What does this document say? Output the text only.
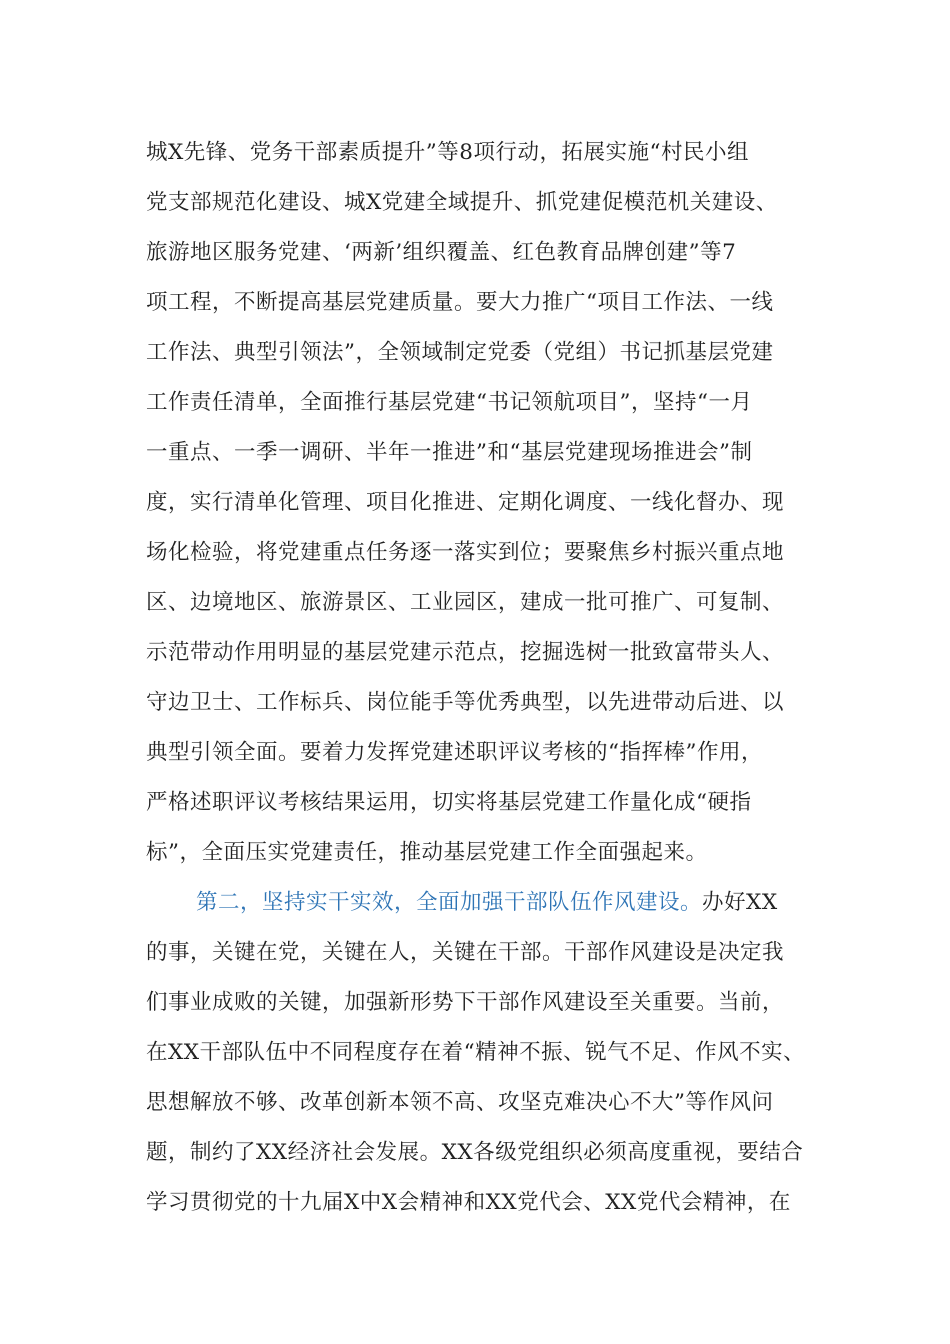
城X先锋、党务干部素质提升”等8项行动，拓展实施“村民小组
党支部规范化建设、城X党建全域提升、抓党建促模范机关建设、
旅游地区服务党建、‘两新’组织覆盖、红色教育品牌创建”等7
项工程，不断提高基层党建质量。要大力推广“项目工作法、一线
工作法、典型引领法”，全领域制定党委（党组）书记抓基层党建
工作责任清单，全面推行基层党建“书记领航项目”，坚持“一月
一重点、一季一调研、半年一推进”和“基层党建现场推进会”制
度，实行清单化管理、项目化推进、定期化调度、一线化督办、现
场化检验，将党建重点任务逐一落实到位；要聚焦乡村振兴重点地
区、边境地区、旅游景区、工业园区，建成一批可推广、可复制、
示范带动作用明显的基层党建示范点，挖掘选树一批致富带头人、
守边卫士、工作标兵、岗位能手等优秀典型，以先进带动后进、以
典型引领全面。要着力发挥党建述职评议考核的“指挥棒”作用，
严格述职评议考核结果运用，切实将基层党建工作量化成“硬指
标”，全面压实党建责任，推动基层党建工作全面强起来。
第二，坚持实干实效，全面加强干部队伍作风建设。办好XX
的事，关键在党，关键在人，关键在干部。干部作风建设是决定我
们事业成败的关键，加强新形势下干部作风建设至关重要。当前，
在XX干部队伍中不同程度存在着“精神不振、锐气不足、作风不实、
思想解放不够、改革创新本领不高、攻坚克难决心不大”等作风问
题，制约了XX经济社会发展。XX各级党组织必须高度重视，要结合
学习贯彻党的十九届X中X会精神和XX党代会、XX党代会精神，在
